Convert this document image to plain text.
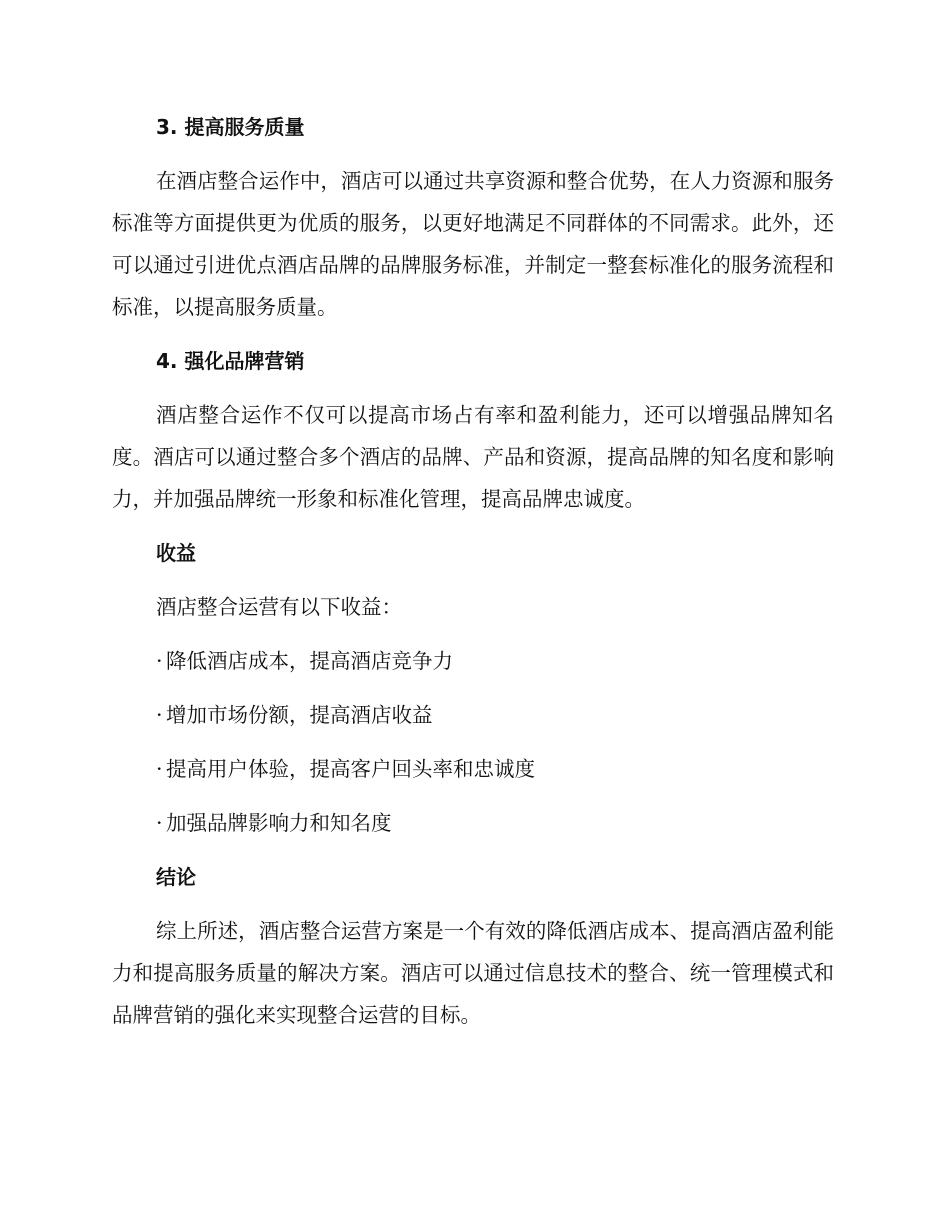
3. 提高服务质量

在酒店整合运作中，酒店可以通过共享资源和整合优势，在人力资源和服务标准等方面提供更为优质的服务，以更好地满足不同群体的不同需求。此外，还可以通过引进优点酒店品牌的品牌服务标准，并制定一整套标准化的服务流程和标准，以提高服务质量。

4. 强化品牌营销

酒店整合运作不仅可以提高市场占有率和盈利能力，还可以增强品牌知名度。酒店可以通过整合多个酒店的品牌、产品和资源，提高品牌的知名度和影响力，并加强品牌统一形象和标准化管理，提高品牌忠诚度。

收益

酒店整合运营有以下收益：

· 降低酒店成本，提高酒店竞争力

· 增加市场份额，提高酒店收益

· 提高用户体验，提高客户回头率和忠诚度

· 加强品牌影响力和知名度

结论

综上所述，酒店整合运营方案是一个有效的降低酒店成本、提高酒店盈利能力和提高服务质量的解决方案。酒店可以通过信息技术的整合、统一管理模式和品牌营销的强化来实现整合运营的目标。
